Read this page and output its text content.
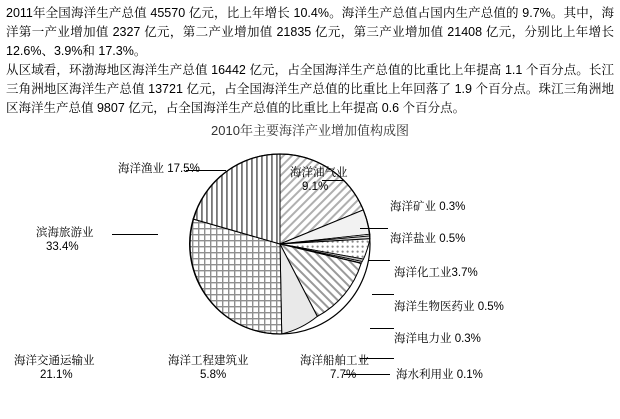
2011年全国海洋生产总值 45570 亿元，比上年增长 10.4%。海洋生产总值占国内生产总值的 9.7%。其中，海洋第一产业增加值 2327 亿元，第二产业增加值 21835 亿元，第三产业增加值 21408 亿元，分别比上年增长 12.6%、3.9%和 17.3%。

从区域看，环渤海地区海洋生产总值 16442 亿元，占全国海洋生产总值的比重比上年提高 1.1 个百分点。长江三角洲地区海洋生产总值 13721 亿元，占全国海洋生产总值的比重比上年回落了 1.9 个百分点。珠江三角洲地区海洋生产总值 9807 亿元，占全国海洋生产总值的比重比上年提高 0.6 个百分点。

2010年主要海洋产业增加值构成图
海洋渔业 17.5%	海洋油气业
9.1%
海洋矿业 0.3%
海洋盐业 0.5%
海洋化工业3.7%
海洋生物医药业 0.5%
海洋电力业 0.3%
海水利用业 0.1%
海洋船舶工业
7.7%
海洋工程建筑业
5.8%
海洋交通运输业
21.1%
滨海旅游业
33.4%
